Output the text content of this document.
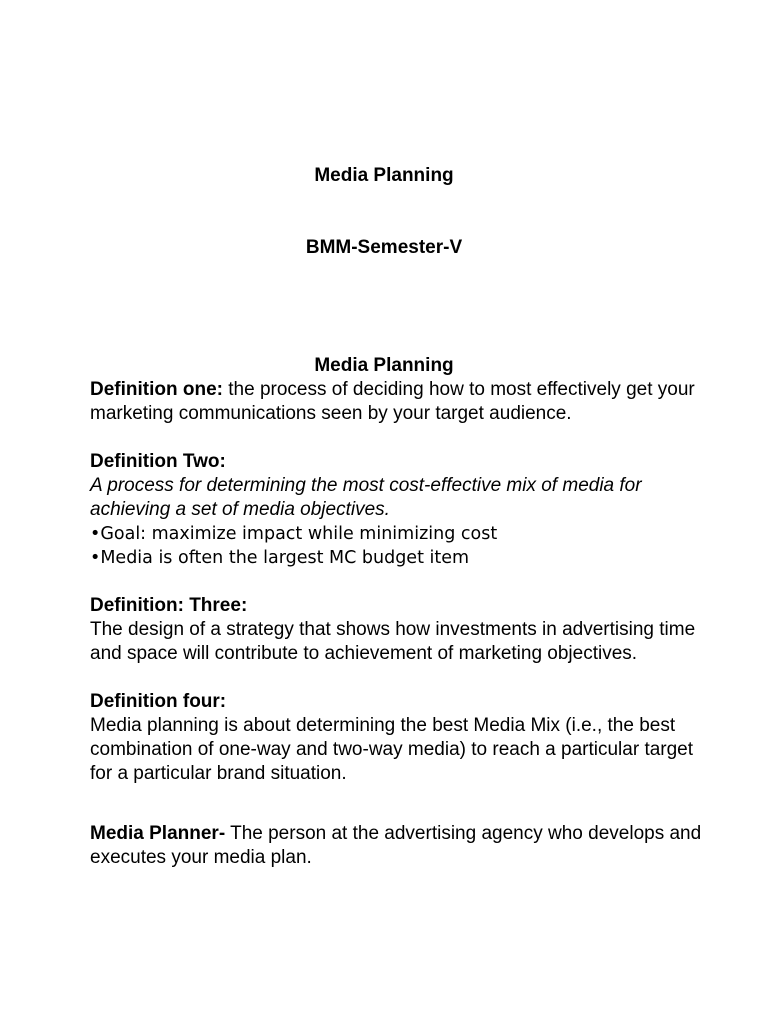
Media Planning
BMM-Semester-V
Media Planning

Definition one: the process of deciding how to most effectively get your marketing communications seen by your target audience.

Definition Two:

A process for determining the most cost-effective mix of media for achieving a set of media objectives.

•Goal: maximize impact while minimizing cost

•Media is often the largest MC budget item

Definition: Three:

The design of a strategy that shows how investments in advertising time and space will contribute to achievement of marketing objectives.

Definition four:

Media planning is about determining the best Media Mix (i.e., the best combination of one-way and two-way media) to reach a particular target for a particular brand situation.

Media Planner- The person at the advertising agency who develops and executes your media plan.
